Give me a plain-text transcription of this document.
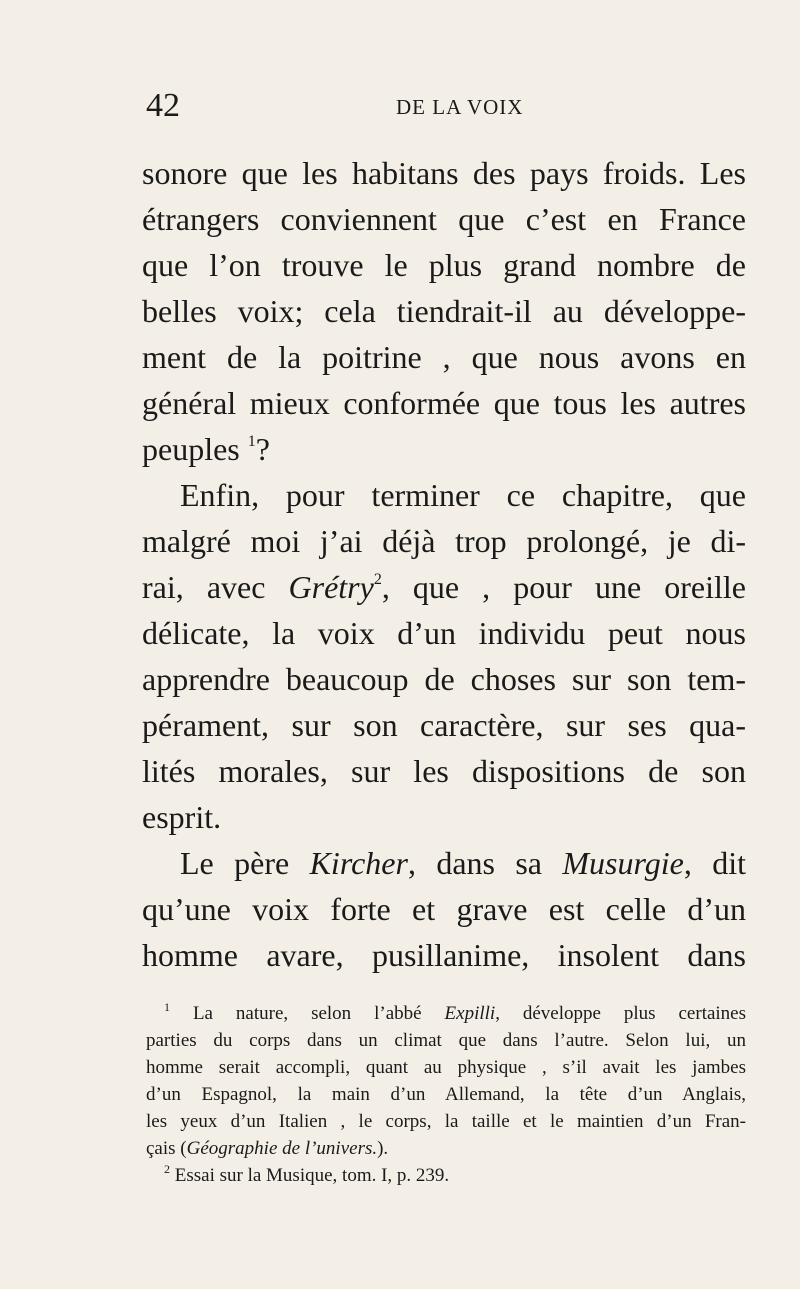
42	DE LA VOIX
sonore que les habitans des pays froids. Les
étrangers conviennent que c’est en France
que l’on trouve le plus grand nombre de
belles voix; cela tiendrait-il au développe-
ment de la poitrine , que nous avons en
général mieux conformée que tous les autres
peuples $^1$?
Enfin, pour terminer ce chapitre, que
malgré moi j’ai déjà trop prolongé, je di-
rai, avec Grétry$^2$, que , pour une oreille
délicate, la voix d’un individu peut nous
apprendre beaucoup de choses sur son tem-
pérament, sur son caractère, sur ses qua-
lités morales, sur les dispositions de son
esprit.
Le père Kircher, dans sa Musurgie, dit
qu’une voix forte et grave est celle d’un
homme avare, pusillanime, insolent dans
$^1$ La nature, selon l’abbé Expilli, développe plus certaines
parties du corps dans un climat que dans l’autre. Selon lui, un
homme serait accompli, quant au physique , s’il avait les jambes
d’un Espagnol, la main d’un Allemand, la tête d’un Anglais,
les yeux d’un Italien , le corps, la taille et le maintien d’un Fran-
çais (Géographie de l’univers.).
$^2$ Essai sur la Musique, tom. I, p. 239.
